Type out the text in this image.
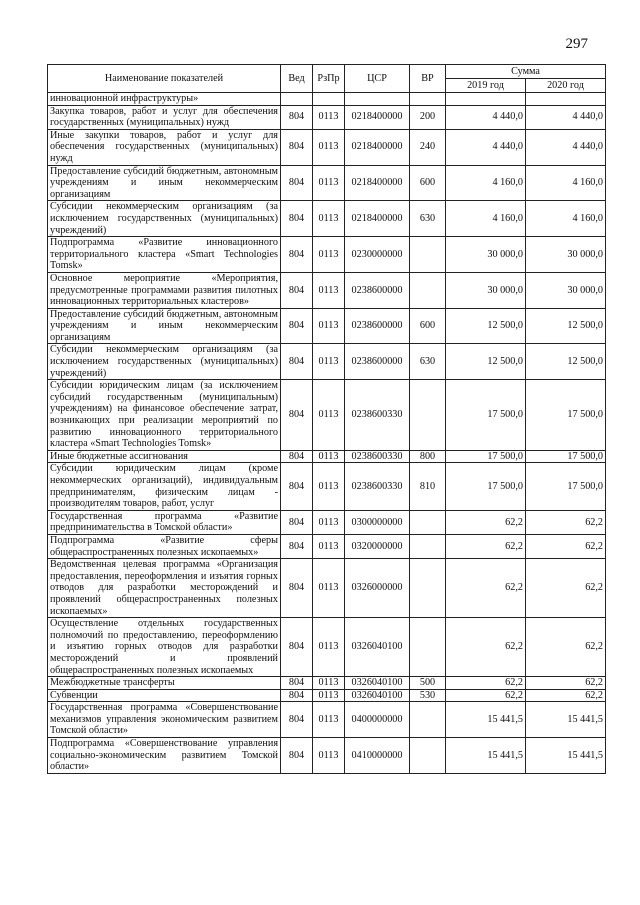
297
Наименование показателей	Вед	РзПр	ЦСР	ВР	Сумма	
					2019 год	2020 год
инновационной инфраструктуры»						
Закупка товаров, работ и услуг для обеспечения государственных (муниципальных) нужд	804	0113	0218400000	200	4 440,0	4 440,0
Иные закупки товаров, работ и услуг для обеспечения государственных (муниципальных) нужд	804	0113	0218400000	240	4 440,0	4 440,0
Предоставление субсидий бюджетным, автономным учреждениям и иным некоммерческим организациям	804	0113	0218400000	600	4 160,0	4 160,0
Субсидии некоммерческим организациям (за исключением государственных (муниципальных) учреждений)	804	0113	0218400000	630	4 160,0	4 160,0
Подпрограмма «Развитие инновационного территориального кластера «Smart Technologies Tomsk»	804	0113	0230000000		30 000,0	30 000,0
Основное мероприятие «Мероприятия, предусмотренные программами развития пилотных инновационных территориальных кластеров»	804	0113	0238600000		30 000,0	30 000,0
Предоставление субсидий бюджетным, автономным учреждениям и иным некоммерческим организациям	804	0113	0238600000	600	12 500,0	12 500,0
Субсидии некоммерческим организациям (за исключением государственных (муниципальных) учреждений)	804	0113	0238600000	630	12 500,0	12 500,0
Субсидии юридическим лицам (за исключением субсидий государственным (муниципальным) учреждениям) на финансовое обеспечение затрат, возникающих при реализации мероприятий по развитию инновационного территориального кластера «Smart Technologies Tomsk»	804	0113	0238600330		17 500,0	17 500,0
Иные бюджетные ассигнования	804	0113	0238600330	800	17 500,0	17 500,0
Субсидии юридическим лицам (кроме некоммерческих организаций), индивидуальным предпринимателям, физическим лицам - производителям товаров, работ, услуг	804	0113	0238600330	810	17 500,0	17 500,0
Государственная программа «Развитие предпринимательства в Томской области»	804	0113	0300000000		62,2	62,2
Подпрограмма «Развитие сферы общераспространенных полезных ископаемых»	804	0113	0320000000		62,2	62,2
Ведомственная целевая программа «Организация предоставления, переоформления и изъятия горных отводов для разработки месторождений и проявлений общераспространенных полезных ископаемых»	804	0113	0326000000		62,2	62,2
Осуществление отдельных государственных полномочий по предоставлению, переоформлению и изъятию горных отводов для разработки месторождений и проявлений общераспространенных полезных ископаемых	804	0113	0326040100		62,2	62,2
Межбюджетные трансферты	804	0113	0326040100	500	62,2	62,2
Субвенции	804	0113	0326040100	530	62,2	62,2
Государственная программа «Совершенствование механизмов управления экономическим развитием Томской области»	804	0113	0400000000		15 441,5	15 441,5
Подпрограмма «Совершенствование управления социально-экономическим развитием Томской области»	804	0113	0410000000		15 441,5	15 441,5
